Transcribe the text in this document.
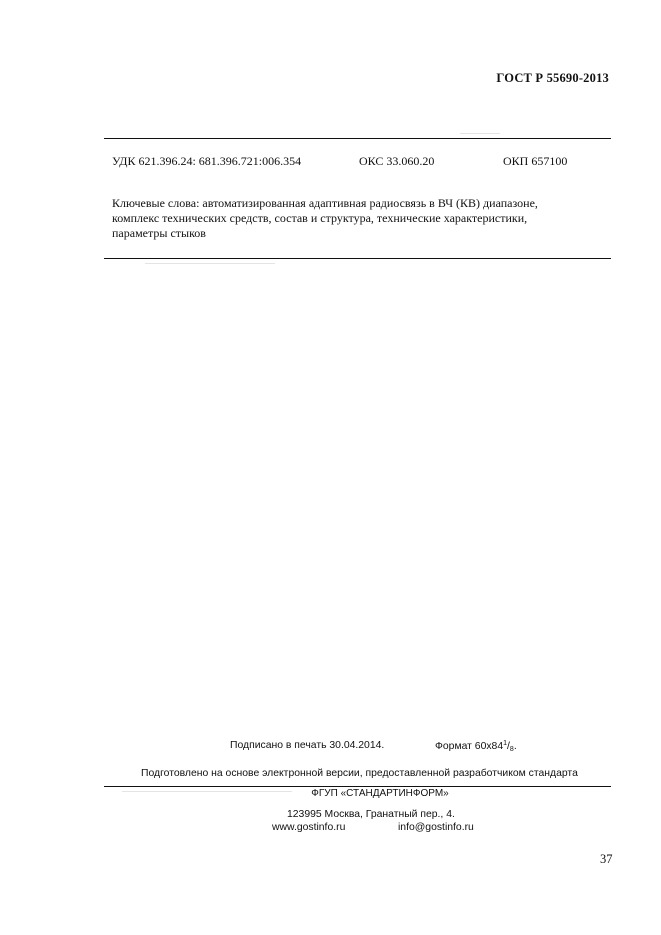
ГОСТ Р 55690-2013
УДК 621.396.24: 681.396.721:006.354	ОКС 33.060.20	ОКП 657100
Ключевые слова: автоматизированная адаптивная радиосвязь в ВЧ (КВ) диапазоне,
комплекс технических средств, состав и структура, технические характеристики,
параметры стыков
Подписано в печать 30.04.2014.	Формат $60х84^1/_8$.
Подготовлено на основе электронной версии, предоставленной разработчиком стандарта
ФГУП «СТАНДАРТИНФОРМ»
123995 Москва, Гранатный пер., 4.
www.gostinfo.ru	info@gostinfo.ru
37
